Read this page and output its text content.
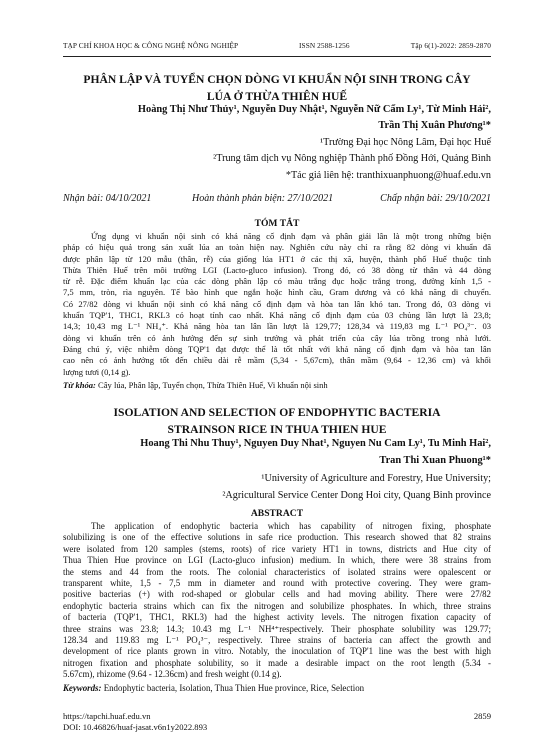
TẠP CHÍ KHOA HỌC & CÔNG NGHỆ NÔNG NGHIỆP	ISSN 2588-1256	Tập 6(1)-2022: 2859-2870
PHÂN LẬP VÀ TUYỂN CHỌN DÒNG VI KHUẨN NỘI SINH TRONG CÂY
LÚA Ở THỪA THIÊN HUẾ
Hoàng Thị Như Thủy¹, Nguyễn Duy Nhật¹, Nguyễn Nữ Cẩm Ly¹, Từ Minh Hải²,
Trần Thị Xuân Phương¹*
¹Trường Đại học Nông Lâm, Đại học Huế
²Trung tâm dịch vụ Nông nghiệp Thành phố Đồng Hới, Quảng Bình
*Tác giả liên hệ: tranthixuanphuong@huaf.edu.vn
Nhận bài: 04/10/2021	Hoàn thành phản biện: 27/10/2021	Chấp nhận bài: 29/10/2021
TÓM TẮT
Ứng dụng vi khuẩn nội sinh có khả năng cố định đạm và phân giải lân là một trong những biện
pháp có hiệu quả trong sản xuất lúa an toàn hiện nay. Nghiên cứu này chỉ ra rằng 82 dòng vi khuẩn đã
được phân lập từ 120 mẫu (thân, rễ) của giống lúa HT1 ở các thị xã, huyện, thành phố Huế thuộc tỉnh
Thừa Thiên Huế trên môi trường LGI (Lacto-gluco infusion). Trong đó, có 38 dòng từ thân và 44 dòng
từ rễ. Đặc điểm khuẩn lạc của các dòng phân lập có màu trắng đục hoặc trắng trong, đường kính 1,5 -
7,5 mm, tròn, rìa nguyên. Tế bào hình que ngắn hoặc hình cầu, Gram dương và có khả năng di chuyển.
Có 27/82 dòng vi khuẩn nội sinh có khả năng cố định đạm và hòa tan lân khó tan. Trong đó, 03 dòng vi
khuẩn TQP'1, THC1, RKL3 có hoạt tính cao nhất. Khả năng cố định đạm của 03 chủng lần lượt là 23,8;
14,3; 10,43 mg L⁻¹ NH₄⁺. Khả năng hòa tan lân lần lượt là 129,77; 128,34 và 119,83 mg L⁻¹ PO₄³⁻. 03
dòng vi khuẩn trên có ảnh hưởng đến sự sinh trưởng và phát triển của cây lúa trồng trong nhà lưới.
Đáng chú ý, việc nhiễm dòng TQP'1 đạt được thể là tốt nhất với khả năng cố định đạm và hòa tan lân
cao nên có ảnh hưởng tốt đến chiều dài rễ mầm (5,34 - 5,67cm), thân mầm (9,64 - 12,36 cm) và khối
lượng tươi (0,14 g).
Từ khóa: Cây lúa, Phân lập, Tuyển chọn, Thừa Thiên Huế, Vi khuẩn nội sinh
ISOLATION AND SELECTION OF ENDOPHYTIC BACTERIA
STRAINSON RICE IN THUA THIEN HUE
Hoang Thi Nhu Thuy¹, Nguyen Duy Nhat¹, Nguyen Nu Cam Ly¹, Tu Minh Hai²,
Tran Thi Xuan Phuong¹*
¹University of Agriculture and Forestry, Hue University;
²Agricultural Service Center Dong Hoi city, Quang Binh province
ABSTRACT
The application of endophytic bacteria which has capability of nitrogen fixing, phosphate
solubilizing is one of the effective solutions in safe rice production. This research showed that 82 strains
were isolated from 120 samples (stems, roots) of rice variety HT1 in towns, districts and Hue city of
Thua Thien Hue province on LGI (Lacto-gluco infusion) medium. In which, there were 38 strains from
the stems and 44 from the roots. The colonial characteristics of isolated strains were opalescent or
transparent white, 1,5 - 7,5 mm in diameter and round with protective covering. They were gram-
positive bacterias (+) with rod-shaped or globular cells and had moving ability. There were 27/82
endophytic bacteria strains which can fix the nitrogen and solubilize phosphates. In which, three strains
of bacteria (TQP'1, THC1, RKL3) had the highest activity levels. The nitrogen fixation capacity of
three strains was 23.8; 14.3; 10.43 mg L⁻¹ NH⁴⁺respectively. Their phosphate solubility was 129.77;
128.34 and 119.83 mg L⁻¹ PO₄³⁻, respectively. Three strains of bacteria can affect the growth and
development of rice plants grown in vitro. Notably, the inoculation of TQP'1 line was the best with high
nitrogen fixation and phosphate solubility, so it made a desirable impact on the root length (5.34 -
5.67cm), rhizome (9.64 - 12.36cm) and fresh weight (0.14 g).
Keywords: Endophytic bacteria, Isolation, Thua Thien Hue province, Rice, Selection
https://tapchi.huaf.edu.vn
DOI: 10.46826/huaf-jasat.v6n1y2022.893
2859
